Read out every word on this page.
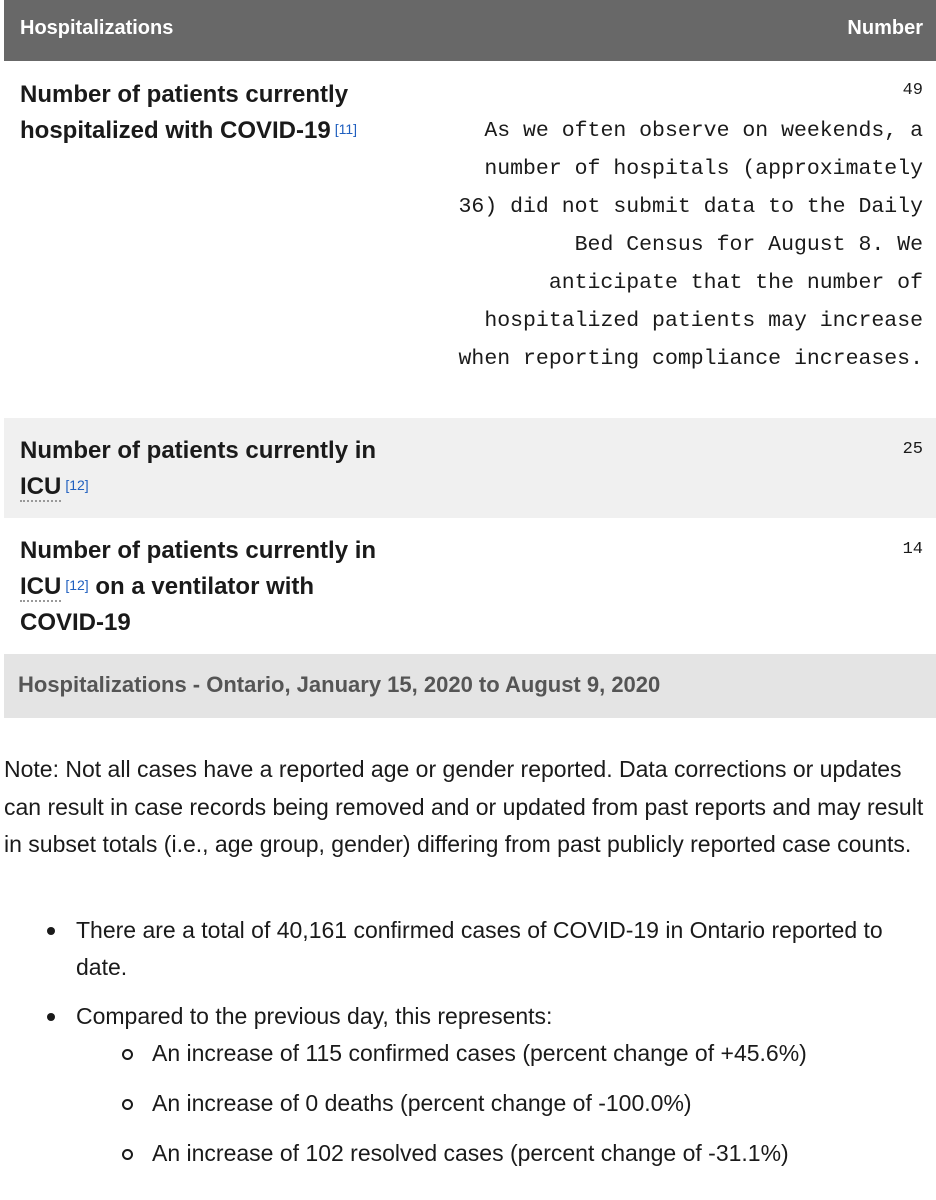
Hospitalizations	Number
Number of patients currently hospitalized with COVID-19 [11]
49
As we often observe on weekends, a
number of hospitals (approximately
36) did not submit data to the Daily
Bed Census for August 8. We
anticipate that the number of
hospitalized patients may increase
when reporting compliance increases.
Number of patients currently in ICU [12]
25
Number of patients currently in ICU [12] on a ventilator with COVID-19
14
Hospitalizations - Ontario, January 15, 2020 to August 9, 2020

Note: Not all cases have a reported age or gender reported. Data corrections or updates can result in case records being removed and or updated from past reports and may result in subset totals (i.e., age group, gender) differing from past publicly reported case counts.

There are a total of 40,161 confirmed cases of COVID-19 in Ontario reported to date.
Compared to the previous day, this represents:
An increase of 115 confirmed cases (percent change of +45.6%)
An increase of 0 deaths (percent change of -100.0%)
An increase of 102 resolved cases (percent change of -31.1%)
